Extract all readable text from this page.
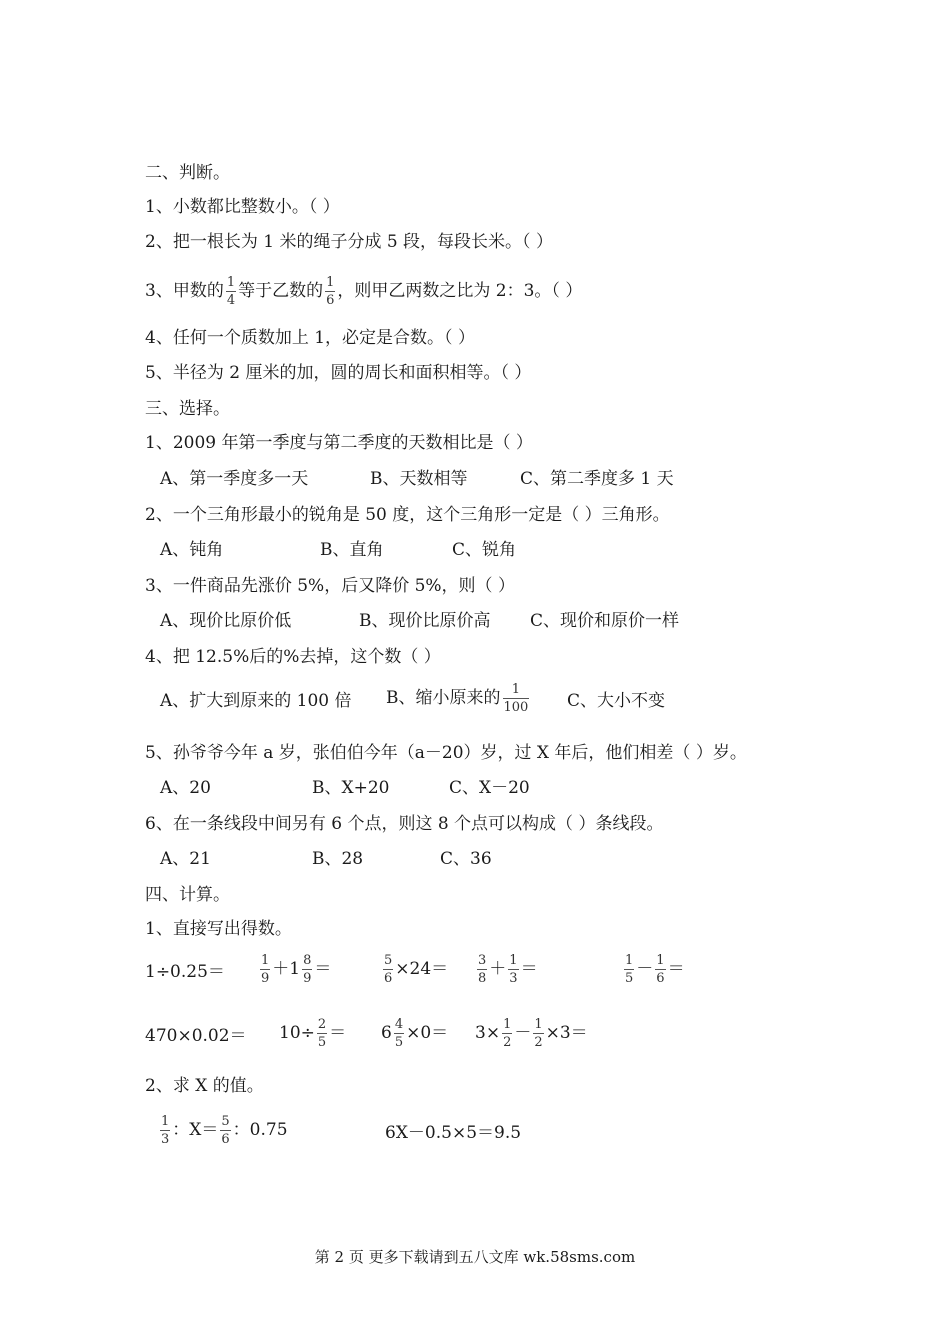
二、判断。
1、小数都比整数小。（ ）
2、把一根长为 1 米的绳子分成 5 段，每段长米。（ ）
3、甲数的 $\frac{1}{4}$ 等于乙数的 $\frac{1}{6}$ ，则甲乙两数之比为 2：3。（ ）
4、任何一个质数加上 1，必定是合数。（ ）
5、半径为 2 厘米的加，圆的周长和面积相等。（ ）
三、选择。
1、2009 年第一季度与第二季度的天数相比是（ ）
A、第一季度多一天	B、天数相等	C、第二季度多 1 天
2、一个三角形最小的锐角是 50 度，这个三角形一定是（ ）三角形。
A、钝角	B、直角	C、锐角
3、一件商品先涨价 5%，后又降价 5%，则（ ）
A、现价比原价低	B、现价比原价高 C、现价和原价一样
4、把 12.5%后的%去掉，这个数（ ）
A、扩大到原来的 100 倍 B、缩小原来的 $\frac{1}{100}$ C、大小不变
5、孙爷爷今年 a 岁，张伯伯今年（a－20）岁，过 X 年后，他们相差（ ）岁。
A、20	B、X+20	C、X－20
6、在一条线段中间另有 6 个点，则这 8 个点可以构成（ ）条线段。
A、21	B、28	C、36
四、计算。
1、直接写出得数。
1÷0.25＝	$\frac{1}{9} +1 \frac{8}{9}$ ＝	$\frac{5}{6} \times 24= \frac{3}{8} + \frac{1}{3}$ ＝	$\frac{1}{5} - \frac{1}{6}$ ＝
$470\times 0.02= 10\div \frac{2}{5} = 6 \frac{4}{5} \times 0= 3\times \frac{1}{2} - \frac{1}{2} \times 3=$
2、求 X 的值。
$\frac{1}{3}$ ：$X= \frac{5}{6}$ ：0.75	6X－0.5×5＝9.5
第 2 页 更多下载请到五八文库 wk.58sms.com
